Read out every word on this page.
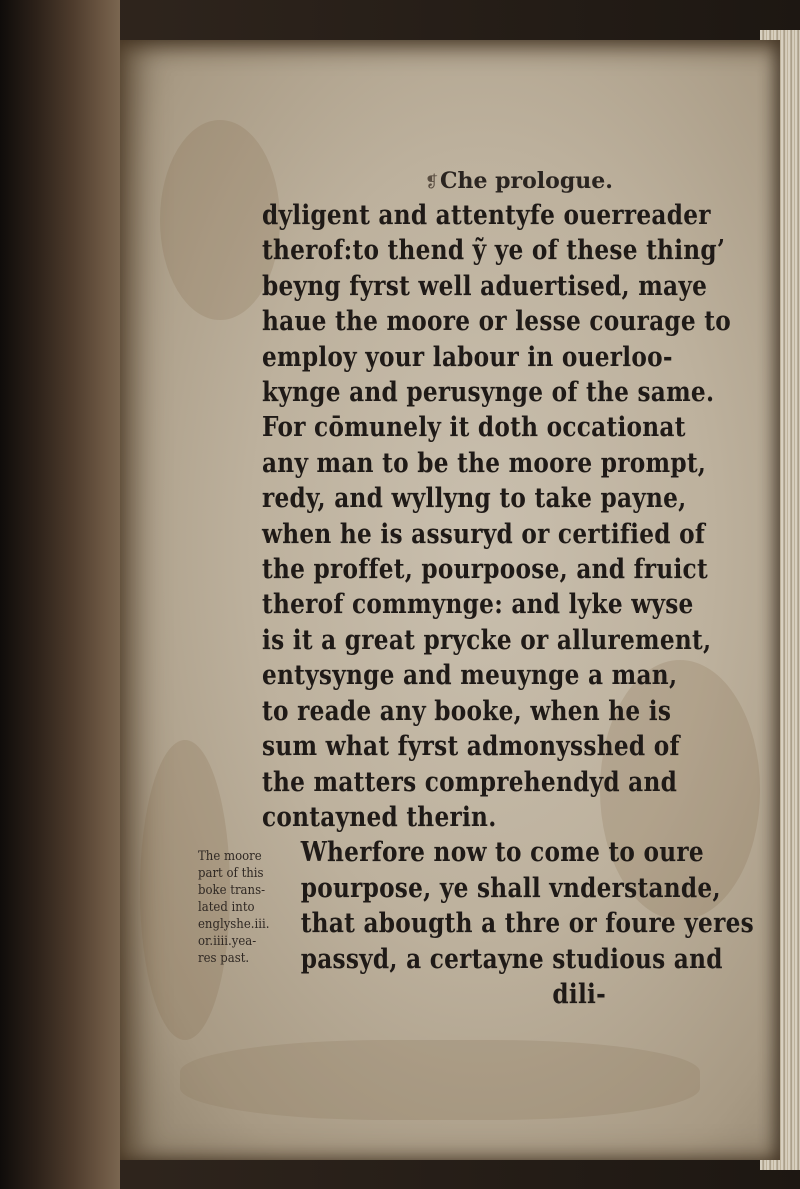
❡ Che prologue.
dyligent and attentyfe ouerreader
therof:to thend ỹ ye of these thing’
beyng fyrst well aduertised, maye
haue the moore or lesse courage to
employ your labour in ouerloo-
kynge and perusynge of the same.
For cōmunely it doth occationat
any man to be the moore prompt,
redy, and wyllyng to take payne,
when he is assuryd or certified of
the proffet, pourpoose, and fruict
therof commynge: and lyke wyse
is it a great prycke or allurement,
entysynge and meuynge a man,
to reade any booke, when he is
sum what fyrst admonysshed of
the matters comprehendyd and
contayned therin.
Wherfore now to come to oure
pourpose, ye shall vnderstande,
that abougth a thre or foure yeres
passyd, a certayne studious and
dili-
The moore
part of this
boke trans-
lated into
englyshe.iii.
or.iiii.yea-
res past.
